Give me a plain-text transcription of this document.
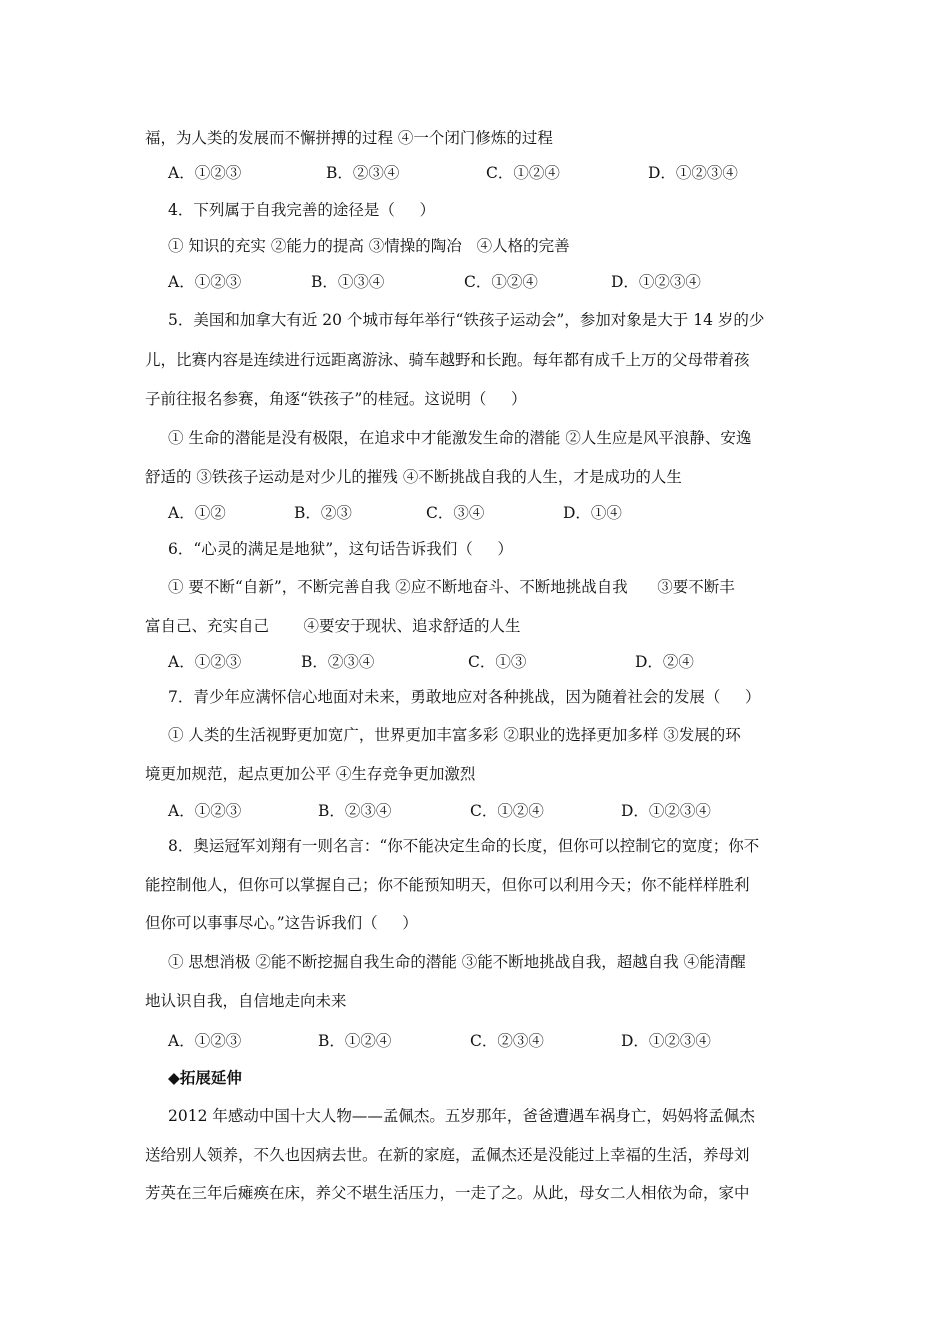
福，为人类的发展而不懈拼搏的过程 ④一个闭门修炼的过程
A．①②③	B．②③④	C．①②④	D．①②③④
4．下列属于自我完善的途径是（     ）
① 知识的充实 ②能力的提高 ③情操的陶冶   ④人格的完善
A．①②③	B．①③④	C．①②④	D．①②③④
5．美国和加拿大有近 20 个城市每年举行“铁孩子运动会”，参加对象是大于 14 岁的少
儿，比赛内容是连续进行远距离游泳、骑车越野和长跑。每年都有成千上万的父母带着孩
子前往报名参赛，角逐“铁孩子”的桂冠。这说明（     ）
① 生命的潜能是没有极限，在追求中才能激发生命的潜能 ②人生应是风平浪静、安逸
舒适的 ③铁孩子运动是对少儿的摧残 ④不断挑战自我的人生，才是成功的人生
A．①②	B．②③	C．③④	D．①④
6．“心灵的满足是地狱”，这句话告诉我们（     ）
① 要不断“自新”，不断完善自我 ②应不断地奋斗、不断地挑战自我      ③要不断丰
富自己、充实自己       ④要安于现状、追求舒适的人生
A．①②③	B．②③④	C．①③	D．②④
7．青少年应满怀信心地面对未来，勇敢地应对各种挑战，因为随着社会的发展（     ）
① 人类的生活视野更加宽广，世界更加丰富多彩 ②职业的选择更加多样 ③发展的环
境更加规范，起点更加公平 ④生存竞争更加激烈
A．①②③	B．②③④	C．①②④	D．①②③④
8．奥运冠军刘翔有一则名言：“你不能决定生命的长度，但你可以控制它的宽度；你不
能控制他人，但你可以掌握自己；你不能预知明天，但你可以利用今天；你不能样样胜利
但你可以事事尽心。”这告诉我们（     ）
① 思想消极 ②能不断挖掘自我生命的潜能 ③能不断地挑战自我，超越自我 ④能清醒
地认识自我，自信地走向未来
A．①②③	B．①②④	C．②③④	D．①②③④
◆拓展延伸
2012 年感动中国十大人物——孟佩杰。五岁那年，爸爸遭遇车祸身亡，妈妈将孟佩杰
送给别人领养，不久也因病去世。在新的家庭，孟佩杰还是没能过上幸福的生活，养母刘
芳英在三年后瘫痪在床，养父不堪生活压力，一走了之。从此，母女二人相依为命，家中
